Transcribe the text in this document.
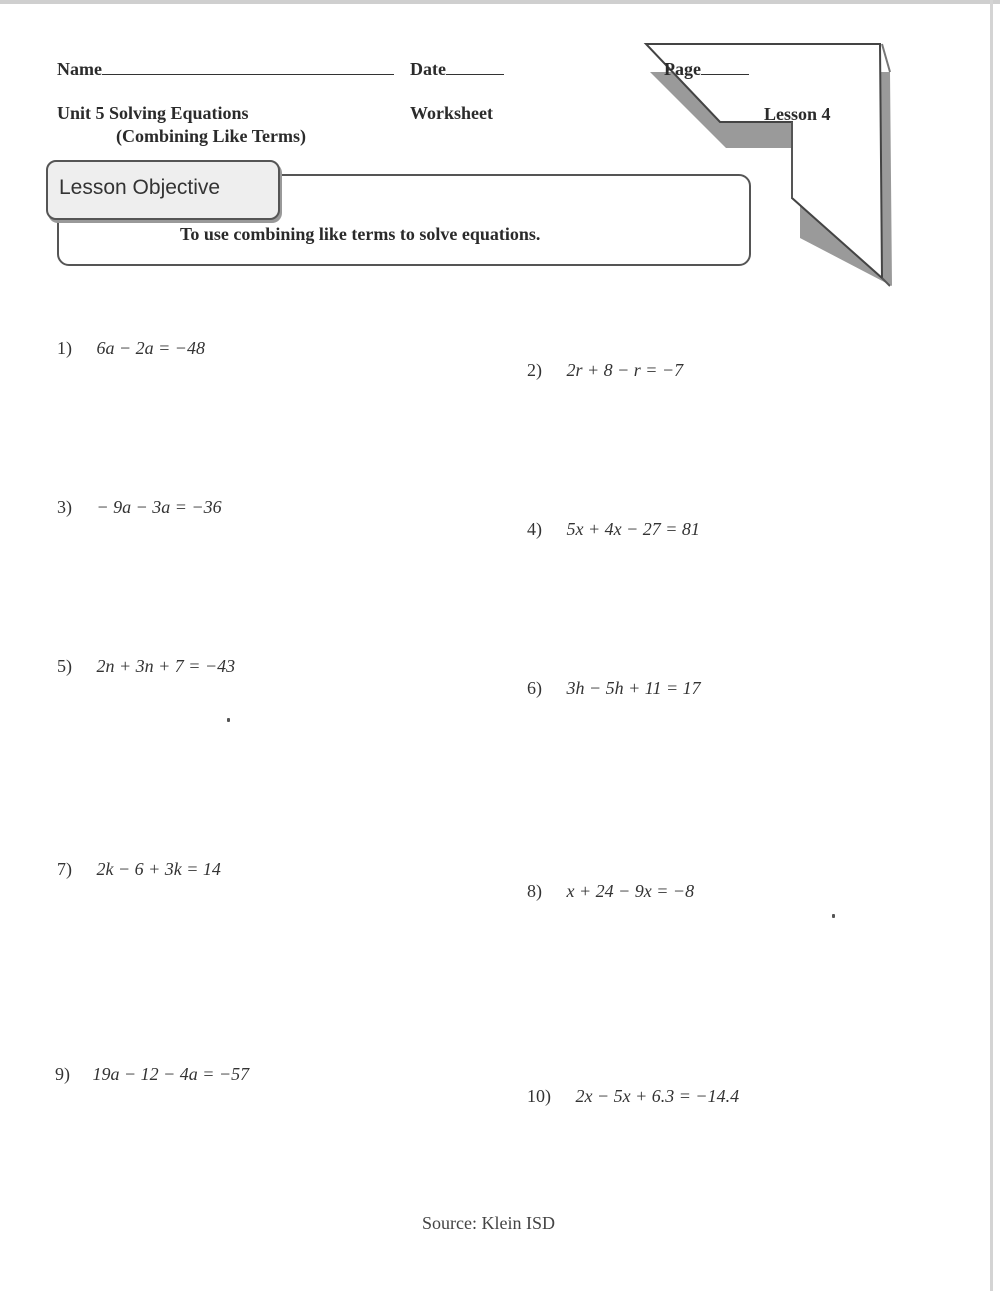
Name	Date	Page
Unit 5 Solving Equations
(Combining Like Terms)
Worksheet	Lesson 4
Lesson Objective
To use combining like terms to solve equations.
1) 6a − 2a = −48
2) 2r + 8 − r = −7
3) − 9a − 3a = −36
4) 5x + 4x − 27 = 81
5) 2n + 3n + 7 = −43
6) 3h − 5h + 11 = 17
7) 2k − 6 + 3k = 14
8) x + 24 − 9x = −8
9) 19a − 12 − 4a = −57
10) 2x − 5x + 6.3 = −14.4
Source: Klein ISD
